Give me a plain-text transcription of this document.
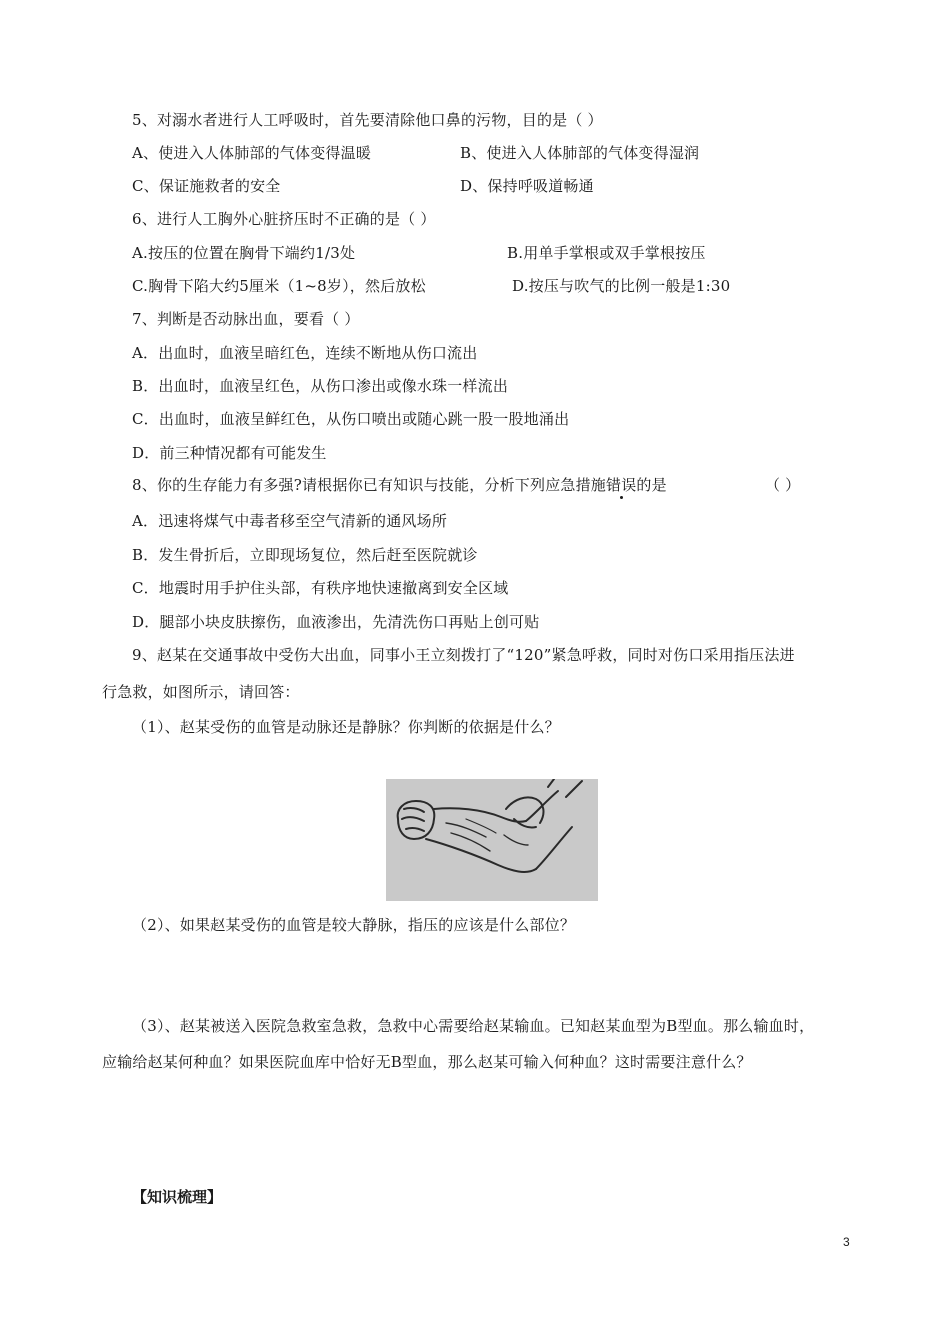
5、对溺水者进行人工呼吸时，首先要清除他口鼻的污物，目的是（ ）
A、使进入人体肺部的气体变得温暖	B、使进入人体肺部的气体变得湿润
C、保证施救者的安全	D、保持呼吸道畅通
6、进行人工胸外心脏挤压时不正确的是（ ）
A.按压的位置在胸骨下端约1/3处	B.用单手掌根或双手掌根按压
C.胸骨下陷大约5厘米（1~8岁），然后放松	D.按压与吹气的比例一般是1:30
7、判断是否动脉出血，要看（ ）
A．出血时，血液呈暗红色，连续不断地从伤口流出
B．出血时，血液呈红色，从伤口渗出或像水珠一样流出
C．出血时，血液呈鲜红色，从伤口喷出或随心跳一股一股地涌出
D．前三种情况都有可能发生
8、你的生存能力有多强?请根据你已有知识与技能，分析下列应急措施错误的是	（ ）
A．迅速将煤气中毒者移至空气清新的通风场所
B．发生骨折后，立即现场复位，然后赶至医院就诊
C．地震时用手护住头部，有秩序地快速撤离到安全区域
D．腿部小块皮肤擦伤，血液渗出，先清洗伤口再贴上创可贴
9、赵某在交通事故中受伤大出血，同事小王立刻拨打了“120”紧急呼救，同时对伤口采用指压法进
行急救，如图所示，请回答：
（1）、赵某受伤的血管是动脉还是静脉？你判断的依据是什么？
（2）、如果赵某受伤的血管是较大静脉，指压的应该是什么部位？
（3）、赵某被送入医院急救室急救，急救中心需要给赵某输血。已知赵某血型为B型血。那么输血时，
应输给赵某何种血？如果医院血库中恰好无B型血，那么赵某可输入何种血？这时需要注意什么？
【知识梳理】
3
